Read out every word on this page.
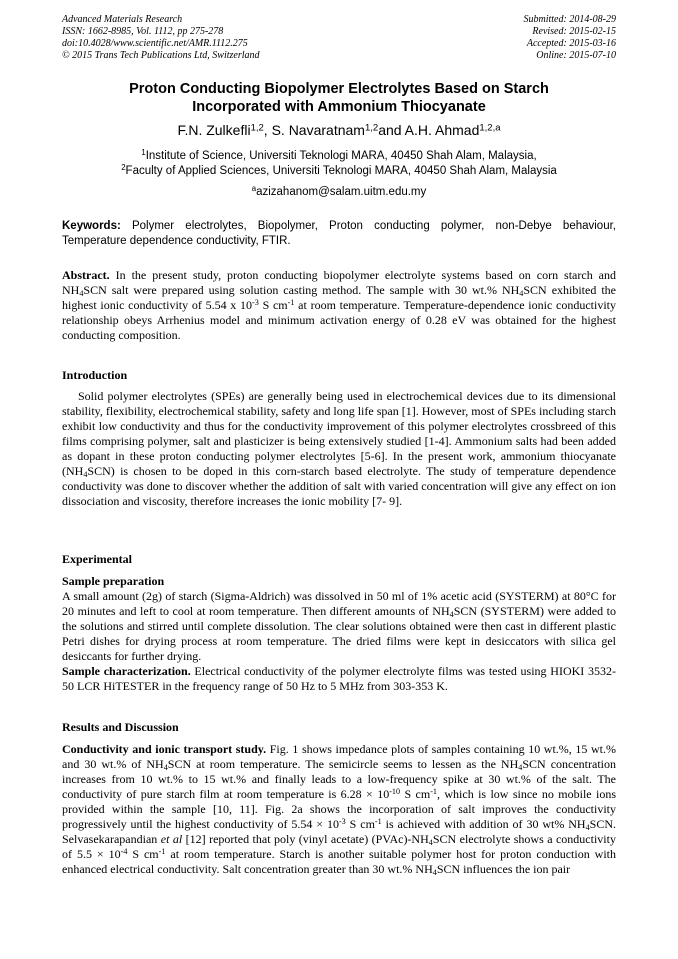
Advanced Materials Research
ISSN: 1662-8985, Vol. 1112, pp 275-278
doi:10.4028/www.scientific.net/AMR.1112.275
© 2015 Trans Tech Publications Ltd, Switzerland
Submitted: 2014-08-29
Revised: 2015-02-15
Accepted: 2015-03-16
Online: 2015-07-10
Proton Conducting Biopolymer Electrolytes Based on Starch
Incorporated with Ammonium Thiocyanate
F.N. Zulkefli$^{1,2}$, S. Navaratnam$^{1,2}$and A.H. Ahmad$^{1,2,a}$
$^1$Institute of Science, Universiti Teknologi MARA, 40450 Shah Alam, Malaysia,
$^2$Faculty of Applied Sciences, Universiti Teknologi MARA, 40450 Shah Alam, Malaysia
$^a$azizahanom@salam.uitm.edu.my
Keywords: Polymer electrolytes, Biopolymer, Proton conducting polymer, non-Debye behaviour, Temperature dependence conductivity, FTIR.
Abstract. In the present study, proton conducting biopolymer electrolyte systems based on corn starch and $NH_4SCN$ salt were prepared using solution casting method. The sample with 30 wt.% $NH_4SCN$ exhibited the highest ionic conductivity of 5.54 x $10^{-3}$ S $cm^{-1}$ at room temperature. Temperature-dependence ionic conductivity relationship obeys Arrhenius model and minimum activation energy of 0.28 eV was obtained for the highest conducting composition.
Introduction
Solid polymer electrolytes (SPEs) are generally being used in electrochemical devices due to its dimensional stability, flexibility, electrochemical stability, safety and long life span [1]. However, most of SPEs including starch exhibit low conductivity and thus for the conductivity improvement of this polymer electrolytes crossbreed of this films comprising polymer, salt and plasticizer is being extensively studied [1-4]. Ammonium salts had been added as dopant in these proton conducting polymer electrolytes [5-6]. In the present work, ammonium thiocyanate $(NH_4SCN)$ is chosen to be doped in this corn-starch based electrolyte. The study of temperature dependence conductivity was done to discover whether the addition of salt with varied concentration will give any effect on ion dissociation and viscosity, therefore increases the ionic mobility [7- 9].
Experimental
Sample preparation
A small amount (2g) of starch (Sigma-Aldrich) was dissolved in 50 ml of 1% acetic acid (SYSTERM) at 80°C for 20 minutes and left to cool at room temperature. Then different amounts of $NH_4SCN$ (SYSTERM) were added to the solutions and stirred until complete dissolution. The clear solutions obtained were then cast in different plastic Petri dishes for drying process at room temperature. The dried films were kept in desiccators with silica gel desiccants for further drying.
Sample characterization. Electrical conductivity of the polymer electrolyte films was tested using HIOKI 3532-50 LCR HiTESTER in the frequency range of 50 Hz to 5 MHz from 303-353 K.
Results and Discussion
Conductivity and ionic transport study. Fig. 1 shows impedance plots of samples containing 10 wt.%, 15 wt.% and 30 wt.% of $NH_4SCN$ at room temperature. The semicircle seems to lessen as the $NH_4SCN$ concentration increases from 10 wt.% to 15 wt.% and finally leads to a low-frequency spike at 30 wt.% of the salt. The conductivity of pure starch film at room temperature is $6.28 \times 10^{-10}$ S $cm^{-1}$, which is low since no mobile ions provided within the sample [10, 11]. Fig. 2a shows the incorporation of salt improves the conductivity progressively until the highest conductivity of $5.54 \times 10^{-3}$ S $cm^{-1}$ is achieved with addition of 30 wt% $NH_4SCN$. Selvasekarapandian et al [12] reported that poly (vinyl acetate) $(PVAc)-NH_4SCN$ electrolyte shows a conductivity of $5.5 \times 10^{-4}$ S $cm^{-1}$ at room temperature. Starch is another suitable polymer host for proton conduction with enhanced electrical conductivity. Salt concentration greater than 30 wt.% $NH_4SCN$ influences the ion pair
